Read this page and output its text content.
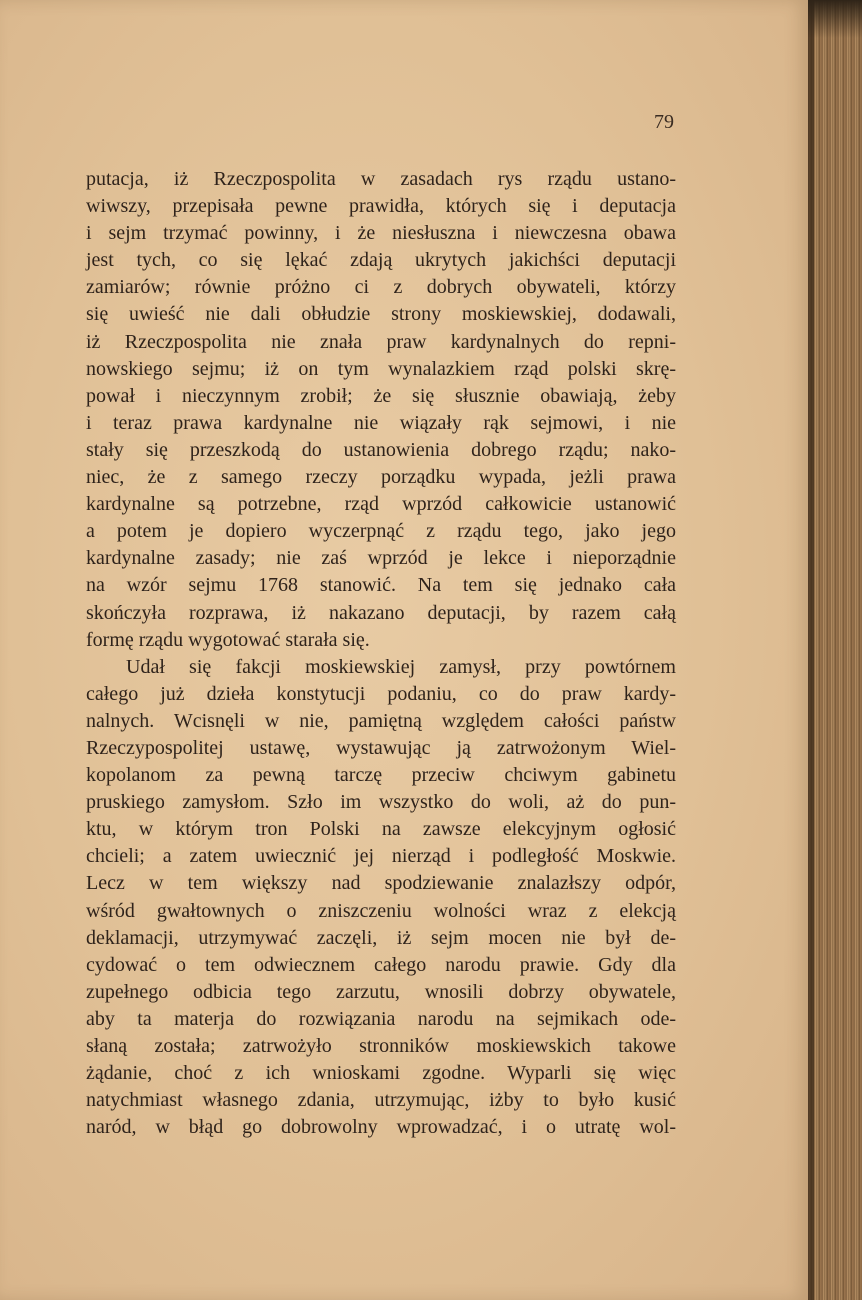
79
putacja, iż Rzeczpospolita w zasadach rys rządu ustano-
wiwszy, przepisała pewne prawidła, których się i deputacja
i sejm trzymać powinny, i że niesłuszna i niewczesna obawa
jest tych, co się lękać zdają ukrytych jakichści deputacji
zamiarów; równie próżno ci z dobrych obywateli, którzy
się uwieść nie dali obłudzie strony moskiewskiej, dodawali,
iż Rzeczpospolita nie znała praw kardynalnych do repni-
nowskiego sejmu; iż on tym wynalazkiem rząd polski skrę-
pował i nieczynnym zrobił; że się słusznie obawiają, żeby
i teraz prawa kardynalne nie wiązały rąk sejmowi, i nie
stały się przeszkodą do ustanowienia dobrego rządu; nako-
niec, że z samego rzeczy porządku wypada, jeżli prawa
kardynalne są potrzebne, rząd wprzód całkowicie ustanowić
a potem je dopiero wyczerpnąć z rządu tego, jako jego
kardynalne zasady; nie zaś wprzód je lekce i nieporządnie
na wzór sejmu 1768 stanowić. Na tem się jednako cała
skończyła rozprawa, iż nakazano deputacji, by razem całą
formę rządu wygotować starała się.
Udał się fakcji moskiewskiej zamysł, przy powtórnem
całego już dzieła konstytucji podaniu, co do praw kardy-
nalnych. Wcisnęli w nie, pamiętną względem całości państw
Rzeczypospolitej ustawę, wystawując ją zatrwożonym Wiel-
kopolanom za pewną tarczę przeciw chciwym gabinetu
pruskiego zamysłom. Szło im wszystko do woli, aż do pun-
ktu, w którym tron Polski na zawsze elekcyjnym ogłosić
chcieli; a zatem uwiecznić jej nierząd i podległość Moskwie.
Lecz w tem większy nad spodziewanie znalazłszy odpór,
wśród gwałtownych o zniszczeniu wolności wraz z elekcją
deklamacji, utrzymywać zaczęli, iż sejm mocen nie był de-
cydować o tem odwiecznem całego narodu prawie. Gdy dla
zupełnego odbicia tego zarzutu, wnosili dobrzy obywatele,
aby ta materja do rozwiązania narodu na sejmikach ode-
słaną została; zatrwożyło stronników moskiewskich takowe
żądanie, choć z ich wnioskami zgodne. Wyparli się więc
natychmiast własnego zdania, utrzymując, iżby to było kusić
naród, w błąd go dobrowolny wprowadzać, i o utratę wol-
